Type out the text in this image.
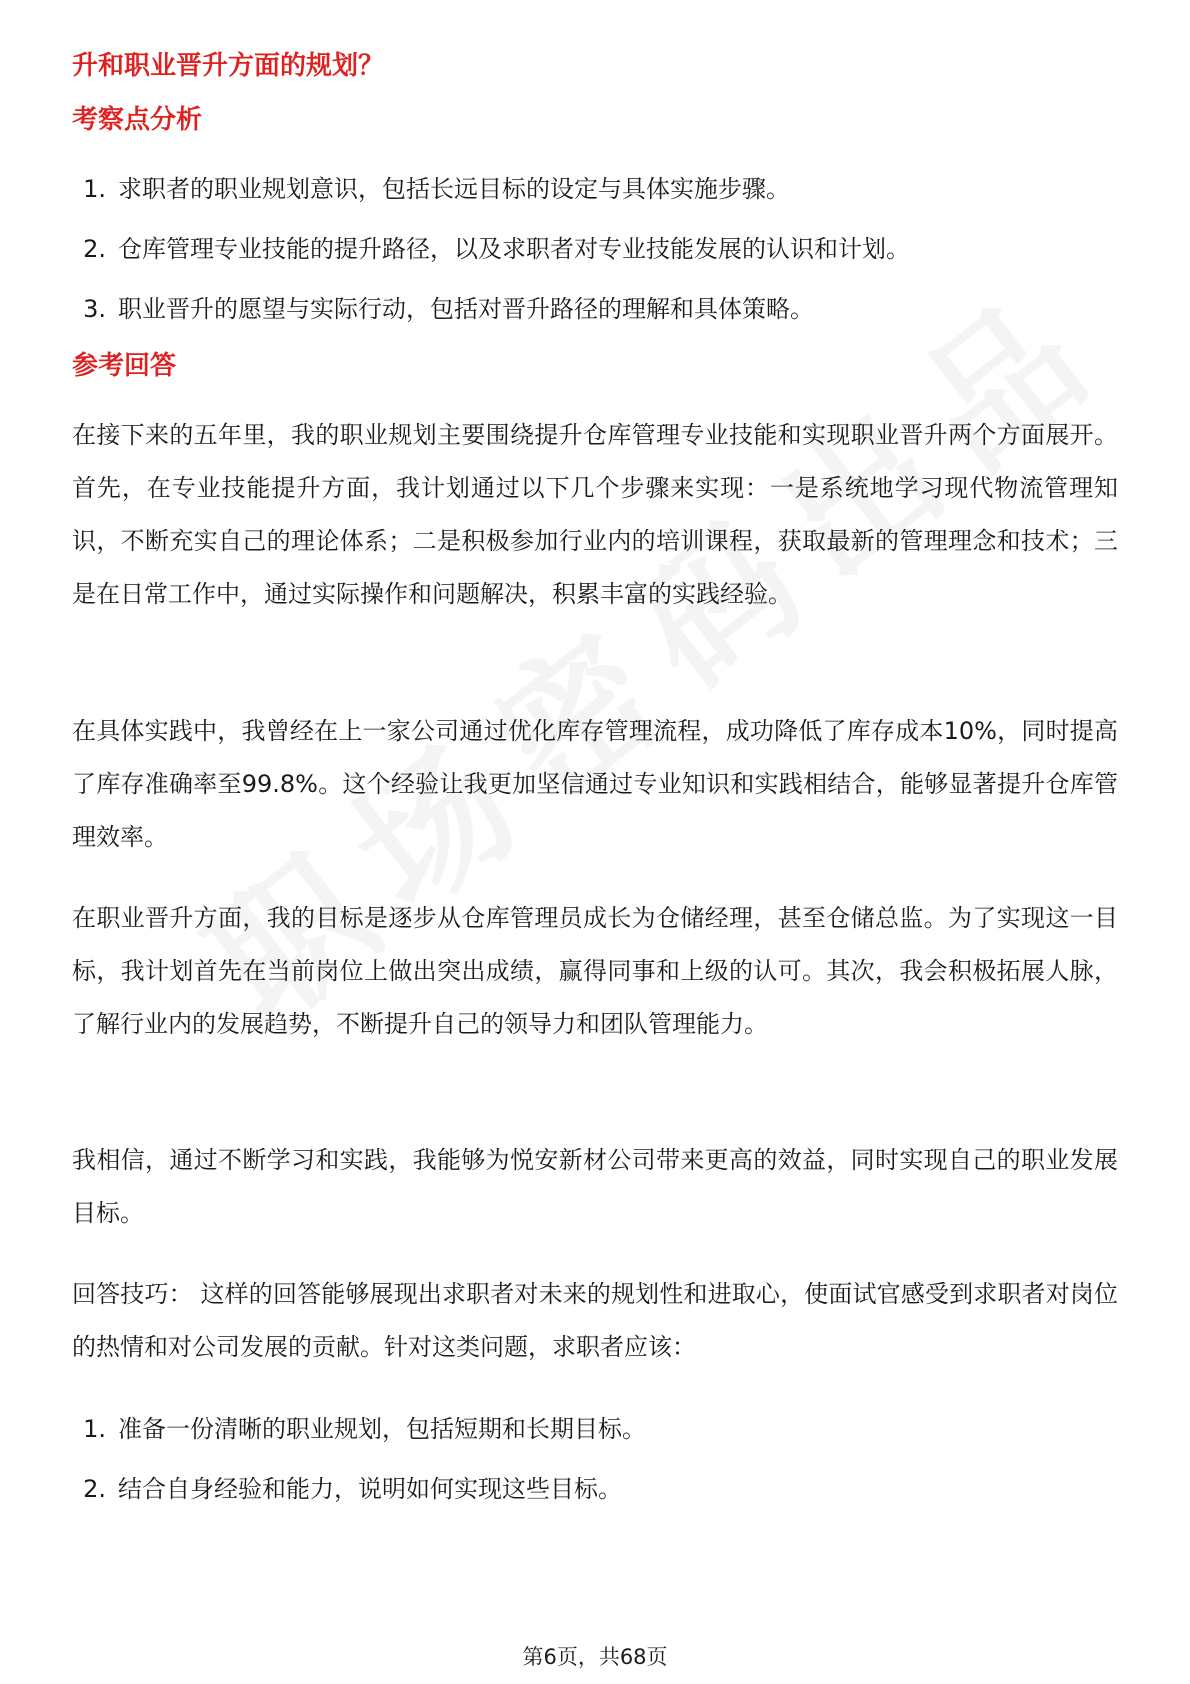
升和职业晋升方面的规划？
考察点分析
1. 求职者的职业规划意识，包括长远目标的设定与具体实施步骤。
2. 仓库管理专业技能的提升路径，以及求职者对专业技能发展的认识和计划。
3. 职业晋升的愿望与实际行动，包括对晋升路径的理解和具体策略。
参考回答

在接下来的五年里，我的职业规划主要围绕提升仓库管理专业技能和实现职业晋升两个方面展开。首先，在专业技能提升方面，我计划通过以下几个步骤来实现：一是系统地学习现代物流管理知识，不断充实自己的理论体系；二是积极参加行业内的培训课程，获取最新的管理理念和技术；三是在日常工作中，通过实际操作和问题解决，积累丰富的实践经验。

在具体实践中，我曾经在上一家公司通过优化库存管理流程，成功降低了库存成本10%，同时提高了库存准确率至99.8%。这个经验让我更加坚信通过专业知识和实践相结合，能够显著提升仓库管理效率。

在职业晋升方面，我的目标是逐步从仓库管理员成长为仓储经理，甚至仓储总监。为了实现这一目标，我计划首先在当前岗位上做出突出成绩，赢得同事和上级的认可。其次，我会积极拓展人脉，了解行业内的发展趋势，不断提升自己的领导力和团队管理能力。

我相信，通过不断学习和实践，我能够为悦安新材公司带来更高的效益，同时实现自己的职业发展目标。

回答技巧： 这样的回答能够展现出求职者对未来的规划性和进取心，使面试官感受到求职者对岗位的热情和对公司发展的贡献。针对这类问题，求职者应该：

1. 准备一份清晰的职业规划，包括短期和长期目标。
2. 结合自身经验和能力，说明如何实现这些目标。
第6页，共68页
